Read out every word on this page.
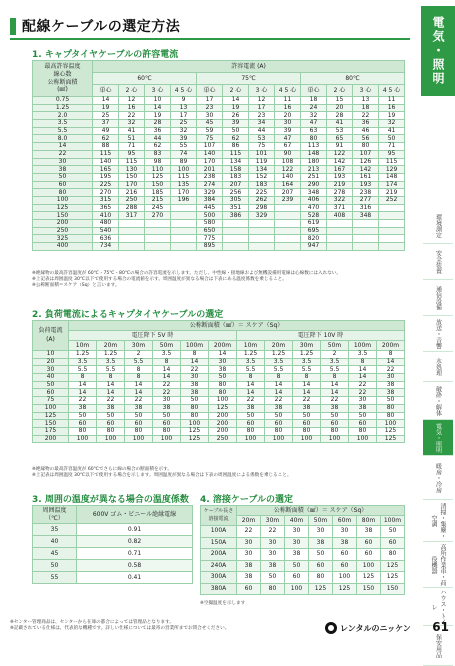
配線ケーブルの選定方法
1. キャプタイヤケーブルの許容電流
最高許容温度
線心数
公称断面積
(㎟)	許容電流 (A)											
	60℃				75℃				80℃			
	単心	2 心	3 心	4 5 心	単心	2 心	3 心	4 5 心	単心	2 心	3 心	4 5 心
0.75	14	12	10	9	17	14	12	11	18	15	13	11
1.25	19	16	14	13	23	19	17	16	24	20	18	16
2.0	25	22	19	17	30	26	23	20	32	28	22	19
3.5	37	32	28	25	45	39	34	30	47	41	36	32
5.5	49	41	36	32	59	50	44	39	63	53	46	41
8.0	62	51	44	39	75	62	53	47	80	65	56	50
14	88	71	62	55	107	86	75	67	113	91	80	71
22	115	95	83	74	140	115	101	90	148	122	107	95
30	140	115	98	89	170	134	119	108	180	142	126	115
38	165	130	110	100	201	158	134	122	213	167	142	129
50	195	150	125	115	238	183	152	140	251	193	161	148
60	225	170	150	135	274	207	183	164	290	219	193	174
80	270	216	185	170	329	256	225	207	348	278	238	219
100	315	250	215	196	384	305	262	239	406	322	277	252
125	365	288	245		445	351	298		470	371	316	
150	410	317	270		500	386	329		528	408	348	
200	480				580				619			
250	540				650				695			
325	636				775				820			
400	734				895				947			
※絶縁物の最高許容温度が 60℃・75℃・80℃の場合の許容電流を示します。ただし、中性線・接地線および無機設備用電線は心線数には入れない。
※上記表は周囲温度 30℃以下で使用する場合の電流値を示す。周囲温度が異なる場合は下表にある温度係数を乗じること。
※公称断面積＝スケア（Sq）と言います。
2. 負荷電流によるキャプタイヤケーブルの選定
負荷電流
(A)	公称断面積（㎟）＝ スケア（Sq）											
	電圧降下 5V 時						電圧降下 10V 時					
	10m	20m	30m	50m	100m	200m	10m	20m	30m	50m	100m	200m
10	1.25	1.25	2	3.5	8	14	1.25	1.25	1.25	2	3.5	8
20	3.5	3.5	5.5	8	14	30	3.5	3.5	3.5	3.5	8	14
30	5.5	5.5	8	14	22	38	5.5	5.5	5.5	5.5	14	22
40	8	8	8	14	30	50	8	8	8	8	14	30
50	14	14	14	22	38	80	14	14	14	14	22	38
60	14	14	14	22	38	80	14	14	14	14	22	38
75	22	22	22	30	50	100	22	22	22	22	30	50
100	38	38	38	38	80	125	38	38	38	38	38	80
125	50	50	50	50	80	200	50	50	50	50	50	80
150	60	60	60	60	100	200	60	60	60	60	60	100
175	80	80	80	80	125	200	80	80	80	80	80	125
200	100	100	100	100	125	250	100	100	100	100	100	125
※絶縁物の最高許容温度が 60℃でさらに線の場合の断面積を示す。
※上記表は周囲温度 30℃以下で使用する場合を示します。周囲温度が異なる場合は下表の周囲温度による係数を乗じること。
3. 周囲の温度が異なる場合の温度係数
周囲温度
（℃）	600V ゴム・ビニール絶縁電線
35	0.91
40	0.82
45	0.71
50	0.58
55	0.41
4. 溶接ケーブルの選定
ケーブル長さ
溶接電流	公称断面積（㎟）＝ スケア（Sq）						
	20m	30m	40m	50m	60m	80m	100m
100A	22	22	30	30	30	38	50
150A	30	30	30	38	38	60	60
200A	30	30	38	50	60	60	80
240A	38	38	50	60	60	100	125
300A	38	50	60	80	100	125	125
380A	60	80	100	125	125	150	150
※空撮温度を示します
電気・照明
環境測定
安全装置
通信設備
放送・音響
水処理
破砕・解体
電気・照明
暖房・冷房
清掃・集塵・空調
高所作業車・荷役機器
ハウス・トイレ
保安用品
※センター管理商品は、センターから在庫の都合によっては管理品となります。
※記載されている仕様は、代表的な機種です。詳しい仕様については最寄の営業所までお問合せください。	レンタルのニッケン 61
